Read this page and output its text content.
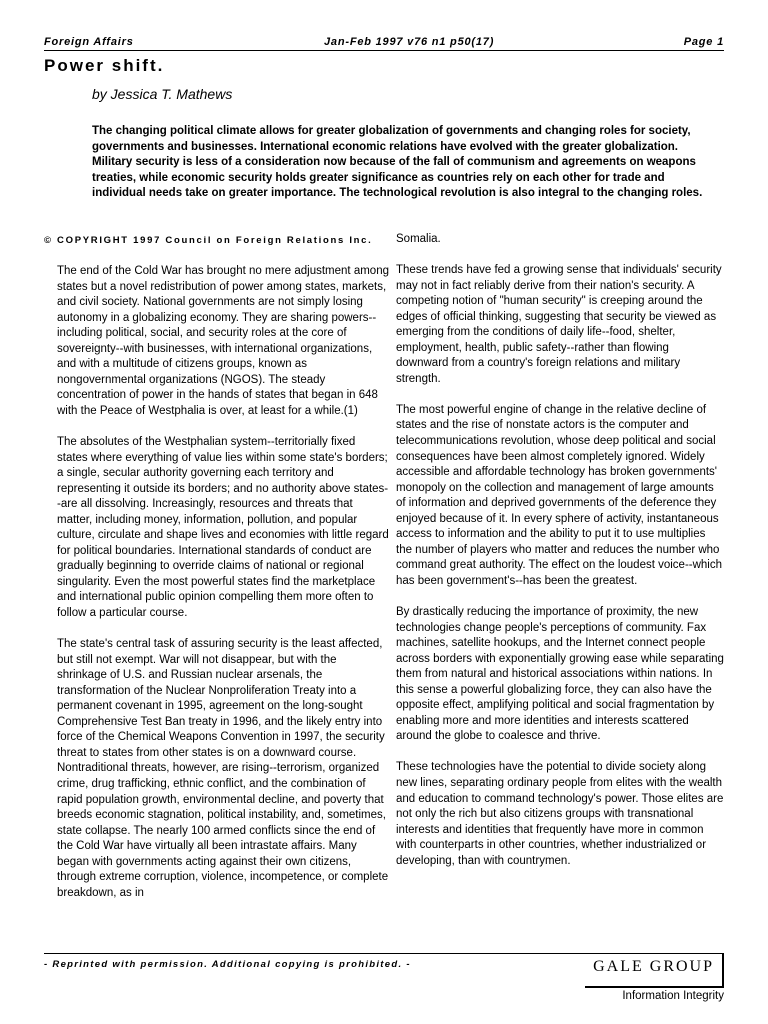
Foreign Affairs	Jan-Feb 1997 v76 n1 p50(17)	Page 1
Power shift.
by Jessica T. Mathews
The changing political climate allows for greater globalization of governments and changing roles for society, governments and businesses. International economic relations have evolved with the greater globalization. Military security is less of a consideration now because of the fall of communism and agreements on weapons treaties, while economic security holds greater significance as countries rely on each other for trade and individual needs take on greater importance. The technological revolution is also integral to the changing roles.
© COPYRIGHT 1997 Council on Foreign Relations Inc.

The end of the Cold War has brought no mere adjustment among states but a novel redistribution of power among states, markets, and civil society. National governments are not simply losing autonomy in a globalizing economy. They are sharing powers--including political, social, and security roles at the core of sovereignty--with businesses, with international organizations, and with a multitude of citizens groups, known as nongovernmental organizations (NGOS). The steady concentration of power in the hands of states that began in 648 with the Peace of Westphalia is over, at least for a while.(1)

The absolutes of the Westphalian system--territorially fixed states where everything of value lies within some state's borders; a single, secular authority governing each territory and representing it outside its borders; and no authority above states--are all dissolving. Increasingly, resources and threats that matter, including money, information, pollution, and popular culture, circulate and shape lives and economies with little regard for political boundaries. International standards of conduct are gradually beginning to override claims of national or regional singularity. Even the most powerful states find the marketplace and international public opinion compelling them more often to follow a particular course.

The state's central task of assuring security is the least affected, but still not exempt. War will not disappear, but with the shrinkage of U.S. and Russian nuclear arsenals, the transformation of the Nuclear Nonproliferation Treaty into a permanent covenant in 1995, agreement on the long-sought Comprehensive Test Ban treaty in 1996, and the likely entry into force of the Chemical Weapons Convention in 1997, the security threat to states from other states is on a downward course. Nontraditional threats, however, are rising--terrorism, organized crime, drug trafficking, ethnic conflict, and the combination of rapid population growth, environmental decline, and poverty that breeds economic stagnation, political instability, and, sometimes, state collapse. The nearly 100 armed conflicts since the end of the Cold War have virtually all been intrastate affairs. Many began with governments acting against their own citizens, through extreme corruption, violence, incompetence, or complete breakdown, as in

Somalia.

These trends have fed a growing sense that individuals' security may not in fact reliably derive from their nation's security. A competing notion of "human security" is creeping around the edges of official thinking, suggesting that security be viewed as emerging from the conditions of daily life--food, shelter, employment, health, public safety--rather than flowing downward from a country's foreign relations and military strength.

The most powerful engine of change in the relative decline of states and the rise of nonstate actors is the computer and telecommunications revolution, whose deep political and social consequences have been almost completely ignored. Widely accessible and affordable technology has broken governments' monopoly on the collection and management of large amounts of information and deprived governments of the deference they enjoyed because of it. In every sphere of activity, instantaneous access to information and the ability to put it to use multiplies the number of players who matter and reduces the number who command great authority. The effect on the loudest voice--which has been government's--has been the greatest.

By drastically reducing the importance of proximity, the new technologies change people's perceptions of community. Fax machines, satellite hookups, and the Internet connect people across borders with exponentially growing ease while separating them from natural and historical associations within nations. In this sense a powerful globalizing force, they can also have the opposite effect, amplifying political and social fragmentation by enabling more and more identities and interests scattered around the globe to coalesce and thrive.

These technologies have the potential to divide society along new lines, separating ordinary people from elites with the wealth and education to command technology's power. Those elites are not only the rich but also citizens groups with transnational interests and identities that frequently have more in common with counterparts in other countries, whether industrialized or developing, than with countrymen.

- Reprinted with permission. Additional copying is prohibited. -	GALE GROUP
Information Integrity
